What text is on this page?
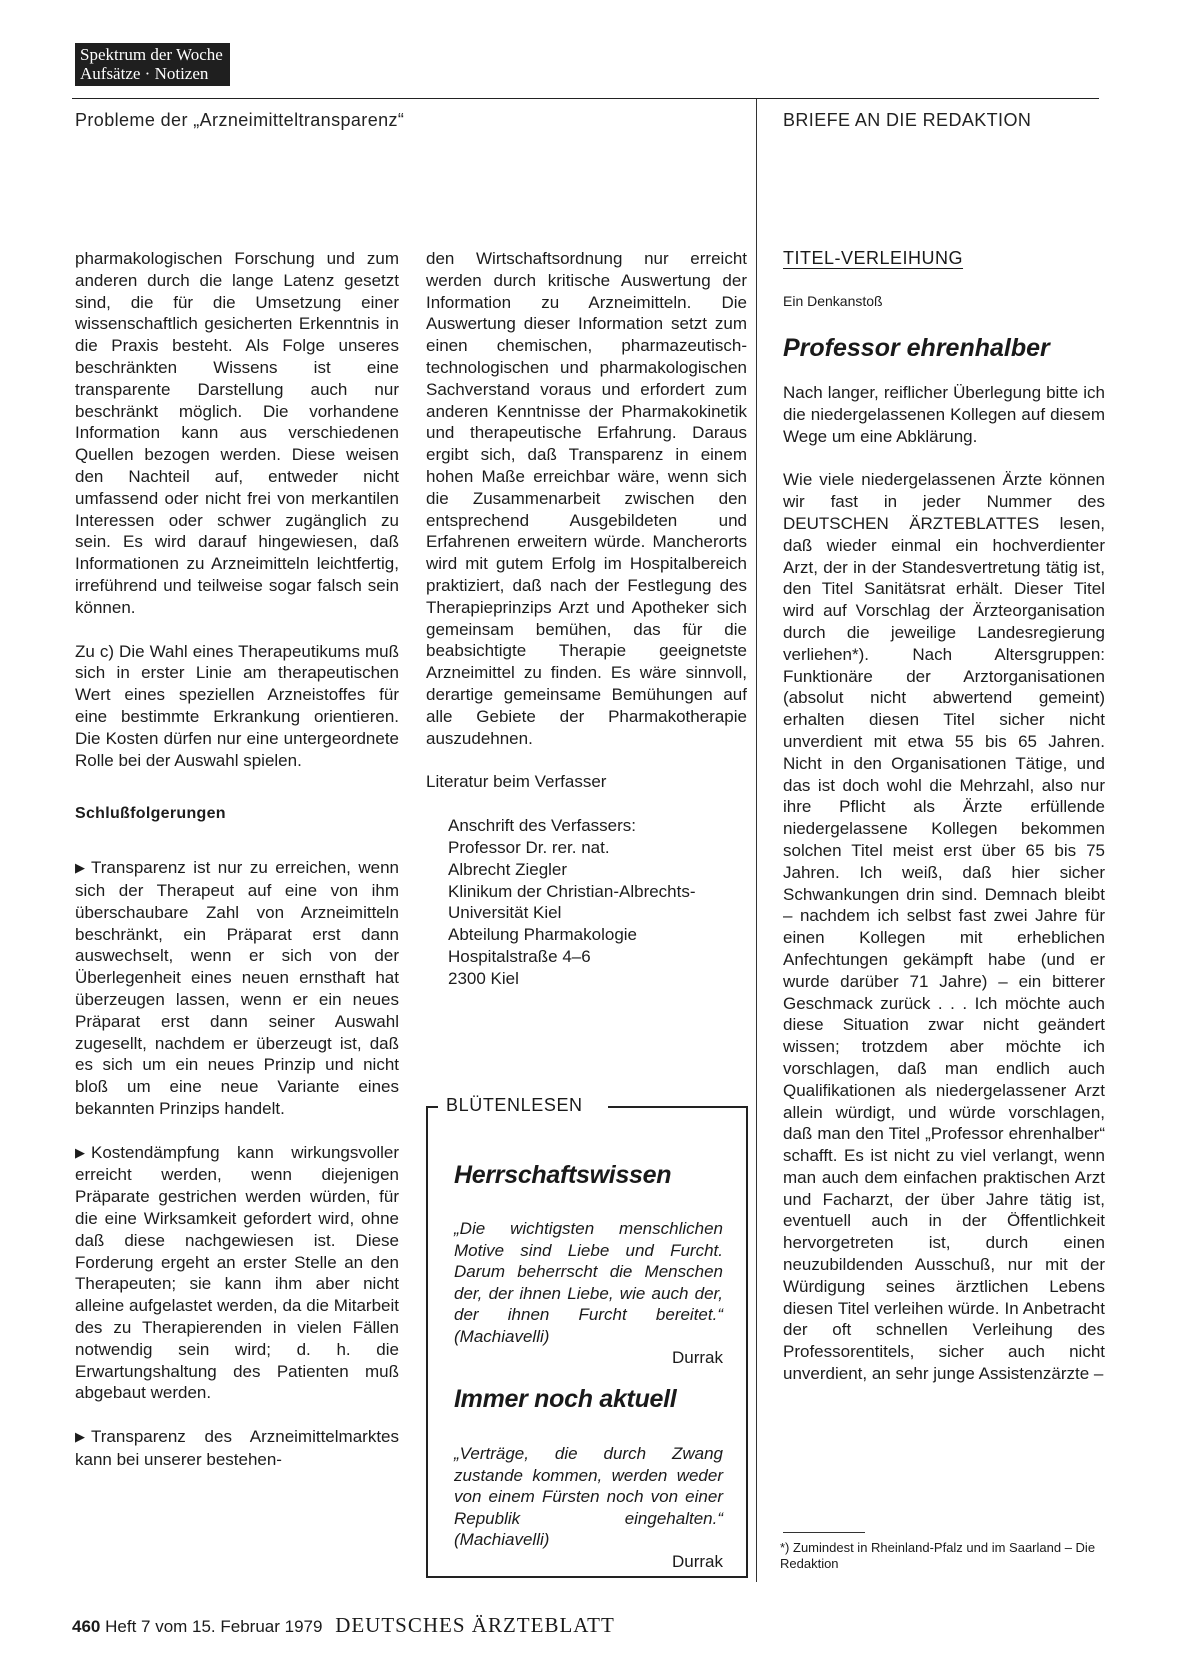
Spektrum der Woche
Aufsätze · Notizen
Probleme der „Arzneimitteltransparenz“	BRIEFE AN DIE REDAKTION

pharmakologischen Forschung und zum anderen durch die lange Latenz gesetzt sind, die für die Umsetzung einer wissenschaftlich gesicherten Erkenntnis in die Praxis besteht. Als Folge unseres beschränkten Wissens ist eine transparente Darstellung auch nur beschränkt möglich. Die vorhandene Information kann aus verschiedenen Quellen bezogen werden. Diese weisen den Nachteil auf, entweder nicht umfassend oder nicht frei von merkantilen Interessen oder schwer zugänglich zu sein. Es wird darauf hingewiesen, daß Informationen zu Arzneimitteln leichtfertig, irreführend und teilweise sogar falsch sein können.

Zu c) Die Wahl eines Therapeutikums muß sich in erster Linie am therapeutischen Wert eines speziellen Arzneistoffes für eine bestimmte Erkrankung orientieren. Die Kosten dürfen nur eine untergeordnete Rolle bei der Auswahl spielen.

Schlußfolgerungen

▶ Transparenz ist nur zu erreichen, wenn sich der Therapeut auf eine von ihm überschaubare Zahl von Arzneimitteln beschränkt, ein Präparat erst dann auswechselt, wenn er sich von der Überlegenheit eines neuen ernsthaft hat überzeugen lassen, wenn er ein neues Präparat erst dann seiner Auswahl zugesellt, nachdem er überzeugt ist, daß es sich um ein neues Prinzip und nicht bloß um eine neue Variante eines bekannten Prinzips handelt.

▶ Kostendämpfung kann wirkungsvoller erreicht werden, wenn diejenigen Präparate gestrichen werden würden, für die eine Wirksamkeit gefordert wird, ohne daß diese nachgewiesen ist. Diese Forderung ergeht an erster Stelle an den Therapeuten; sie kann ihm aber nicht alleine aufgelastet werden, da die Mitarbeit des zu Therapierenden in vielen Fällen notwendig sein wird; d. h. die Erwartungshaltung des Patienten muß abgebaut werden.

▶ Transparenz des Arzneimittelmarktes kann bei unserer bestehen-

den Wirtschaftsordnung nur erreicht werden durch kritische Auswertung der Information zu Arzneimitteln. Die Auswertung dieser Information setzt zum einen chemischen, pharmazeutisch-technologischen und pharmakologischen Sachverstand voraus und erfordert zum anderen Kenntnisse der Pharmakokinetik und therapeutische Erfahrung. Daraus ergibt sich, daß Transparenz in einem hohen Maße erreichbar wäre, wenn sich die Zusammenarbeit zwischen den entsprechend Ausgebildeten und Erfahrenen erweitern würde. Mancherorts wird mit gutem Erfolg im Hospitalbereich praktiziert, daß nach der Festlegung des Therapieprinzips Arzt und Apotheker sich gemeinsam bemühen, das für die beabsichtigte Therapie geeignetste Arzneimittel zu finden. Es wäre sinnvoll, derartige gemeinsame Bemühungen auf alle Gebiete der Pharmakotherapie auszudehnen.

Literatur beim Verfasser

Anschrift des Verfassers:
Professor Dr. rer. nat.
Albrecht Ziegler
Klinikum der Christian-Albrechts-
Universität Kiel
Abteilung Pharmakologie
Hospitalstraße 4–6
2300 Kiel
BLÜTENLESEN
Herrschaftswissen

„Die wichtigsten menschlichen Motive sind Liebe und Furcht. Darum beherrscht die Menschen der, der ihnen Liebe, wie auch der, der ihnen Furcht bereitet.“ (Machiavelli)

Durrak
Immer noch aktuell

„Verträge, die durch Zwang zustande kommen, werden weder von einem Fürsten noch von einer Republik eingehalten.“ (Machiavelli)

Durrak
TITEL-VERLEIHUNG
Ein Denkanstoß
Professor ehrenhalber

Nach langer, reiflicher Überlegung bitte ich die niedergelassenen Kollegen auf diesem Wege um eine Abklärung.

Wie viele niedergelassenen Ärzte können wir fast in jeder Nummer des DEUTSCHEN ÄRZTEBLATTES lesen, daß wieder einmal ein hochverdienter Arzt, der in der Standesvertretung tätig ist, den Titel Sanitätsrat erhält. Dieser Titel wird auf Vorschlag der Ärzteorganisation durch die jeweilige Landesregierung verliehen*). Nach Altersgruppen: Funktionäre der Arztorganisationen (absolut nicht abwertend gemeint) erhalten diesen Titel sicher nicht unverdient mit etwa 55 bis 65 Jahren. Nicht in den Organisationen Tätige, und das ist doch wohl die Mehrzahl, also nur ihre Pflicht als Ärzte erfüllende niedergelassene Kollegen bekommen solchen Titel meist erst über 65 bis 75 Jahren. Ich weiß, daß hier sicher Schwankungen drin sind. Demnach bleibt – nachdem ich selbst fast zwei Jahre für einen Kollegen mit erheblichen Anfechtungen gekämpft habe (und er wurde darüber 71 Jahre) – ein bitterer Geschmack zurück . . . Ich möchte auch diese Situation zwar nicht geändert wissen; trotzdem aber möchte ich vorschlagen, daß man endlich auch Qualifikationen als niedergelassener Arzt allein würdigt, und würde vorschlagen, daß man den Titel „Professor ehrenhalber“ schafft. Es ist nicht zu viel verlangt, wenn man auch dem einfachen praktischen Arzt und Facharzt, der über Jahre tätig ist, eventuell auch in der Öffentlichkeit hervorgetreten ist, durch einen neuzubildenden Ausschuß, nur mit der Würdigung seines ärztlichen Lebens diesen Titel verleihen würde. In Anbetracht der oft schnellen Verleihung des Professorentitels, sicher auch nicht unverdient, an sehr junge Assistenzärzte –

*) Zumindest in Rheinland-Pfalz und im Saarland – Die Redaktion
460 Heft 7 vom 15. Februar 1979 DEUTSCHES ÄRZTEBLATT
